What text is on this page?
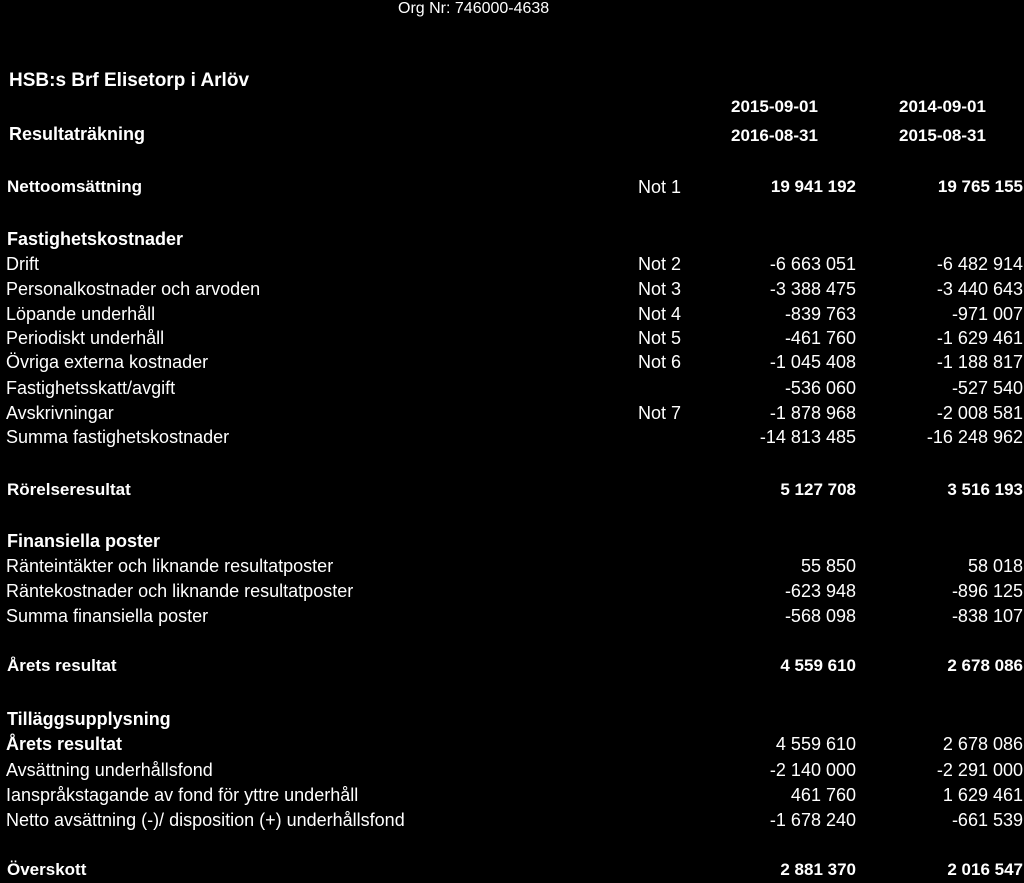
Org Nr: 746000-4638
HSB:s Brf Elisetorp i Arlöv
Resultaträkning
2015-09-01
2016-08-31
2014-09-01
2015-08-31
Nettoomsättning	Not 1	19 941 192	19 765 155
Fastighetskostnader
Drift	Not 2	-6 663 051	-6 482 914
Personalkostnader och arvoden	Not 3	-3 388 475	-3 440 643
Löpande underhåll	Not 4	-839 763	-971 007
Periodiskt underhåll	Not 5	-461 760	-1 629 461
Övriga externa kostnader	Not 6	-1 045 408	-1 188 817
Fastighetsskatt/avgift	-536 060	-527 540
Avskrivningar	Not 7	-1 878 968	-2 008 581
Summa fastighetskostnader	-14 813 485	-16 248 962
Rörelseresultat	5 127 708	3 516 193
Finansiella poster
Ränteintäkter och liknande resultatposter	55 850	58 018
Räntekostnader och liknande resultatposter	-623 948	-896 125
Summa finansiella poster	-568 098	-838 107
Årets resultat	4 559 610	2 678 086
Tilläggsupplysning
Årets resultat	4 559 610	2 678 086
Avsättning underhållsfond	-2 140 000	-2 291 000
Ianspråkstagande av fond för yttre underhåll	461 760	1 629 461
Netto avsättning (-)/ disposition (+) underhållsfond	-1 678 240	-661 539
Överskott	2 881 370	2 016 547
